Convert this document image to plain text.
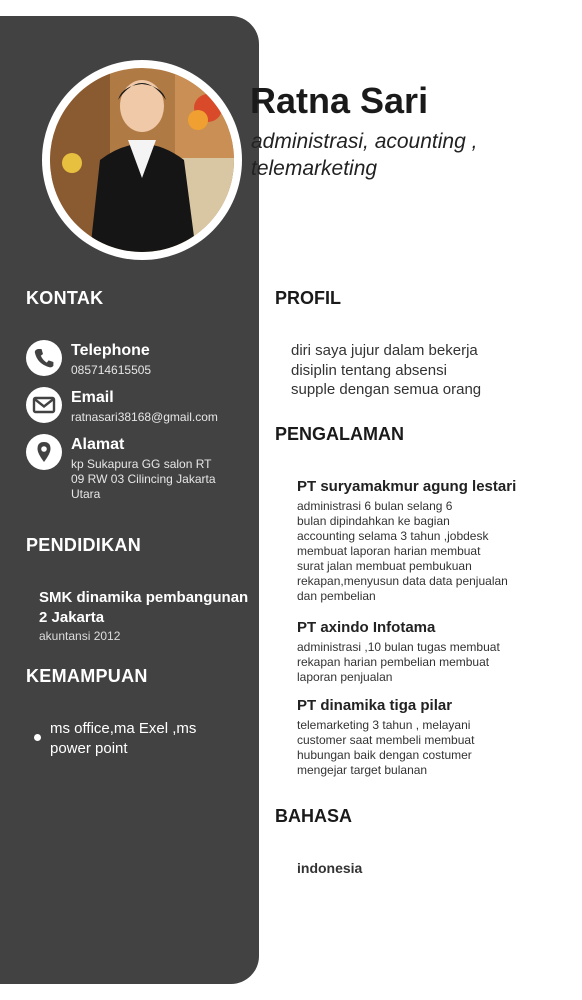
Ratna Sari
administrasi, acounting ,
telemarketing
KONTAK
Telephone
085714615505
Email
ratnasari38168@gmail.com
Alamat
kp Sukapura GG salon RT
09 RW 03 Cilincing Jakarta
Utara
PENDIDIKAN
SMK dinamika pembangunan
2 Jakarta
akuntansi 2012
KEMAMPUAN
ms office,ma Exel ,ms
power point
PROFIL
diri saya jujur dalam bekerja
disiplin tentang absensi
supple dengan semua orang
PENGALAMAN
PT suryamakmur agung lestari
administrasi 6 bulan selang 6
bulan dipindahkan ke bagian
accounting selama 3 tahun ,jobdesk
membuat laporan harian membuat
surat jalan membuat pembukuan
rekapan,menyusun data data penjualan
dan pembelian
PT axindo Infotama
administrasi ,10 bulan tugas membuat
rekapan harian pembelian membuat
laporan penjualan
PT dinamika tiga pilar
telemarketing 3 tahun , melayani
customer saat membeli membuat
hubungan baik dengan costumer
mengejar target bulanan
BAHASA
indonesia
